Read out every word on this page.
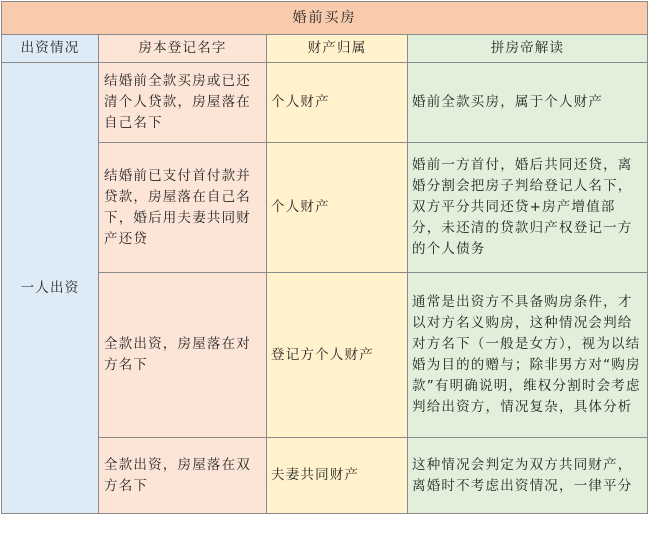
婚前买房			
出资情况	房本登记名字	财产归属	拼房帝解读
一人出资	结婚前全款买房或已还清个人贷款，房屋落在自己名下	个人财产	婚前全款买房，属于个人财产
	结婚前已支付首付款并贷款，房屋落在自己名下，婚后用夫妻共同财产还贷	个人财产	婚前一方首付，婚后共同还贷，离婚分割会把房子判给登记人名下，双方平分共同还贷+房产增值部分，未还清的贷款归产权登记一方的个人债务
	全款出资，房屋落在对方名下	登记方个人财产	通常是出资方不具备购房条件，才以对方名义购房，这种情况会判给对方名下（一般是女方），视为以结婚为目的的赠与；除非男方对“购房款”有明确说明，维权分割时会考虑判给出资方，情况复杂，具体分析
	全款出资，房屋落在双方名下	夫妻共同财产	这种情况会判定为双方共同财产，离婚时不考虑出资情况，一律平分
